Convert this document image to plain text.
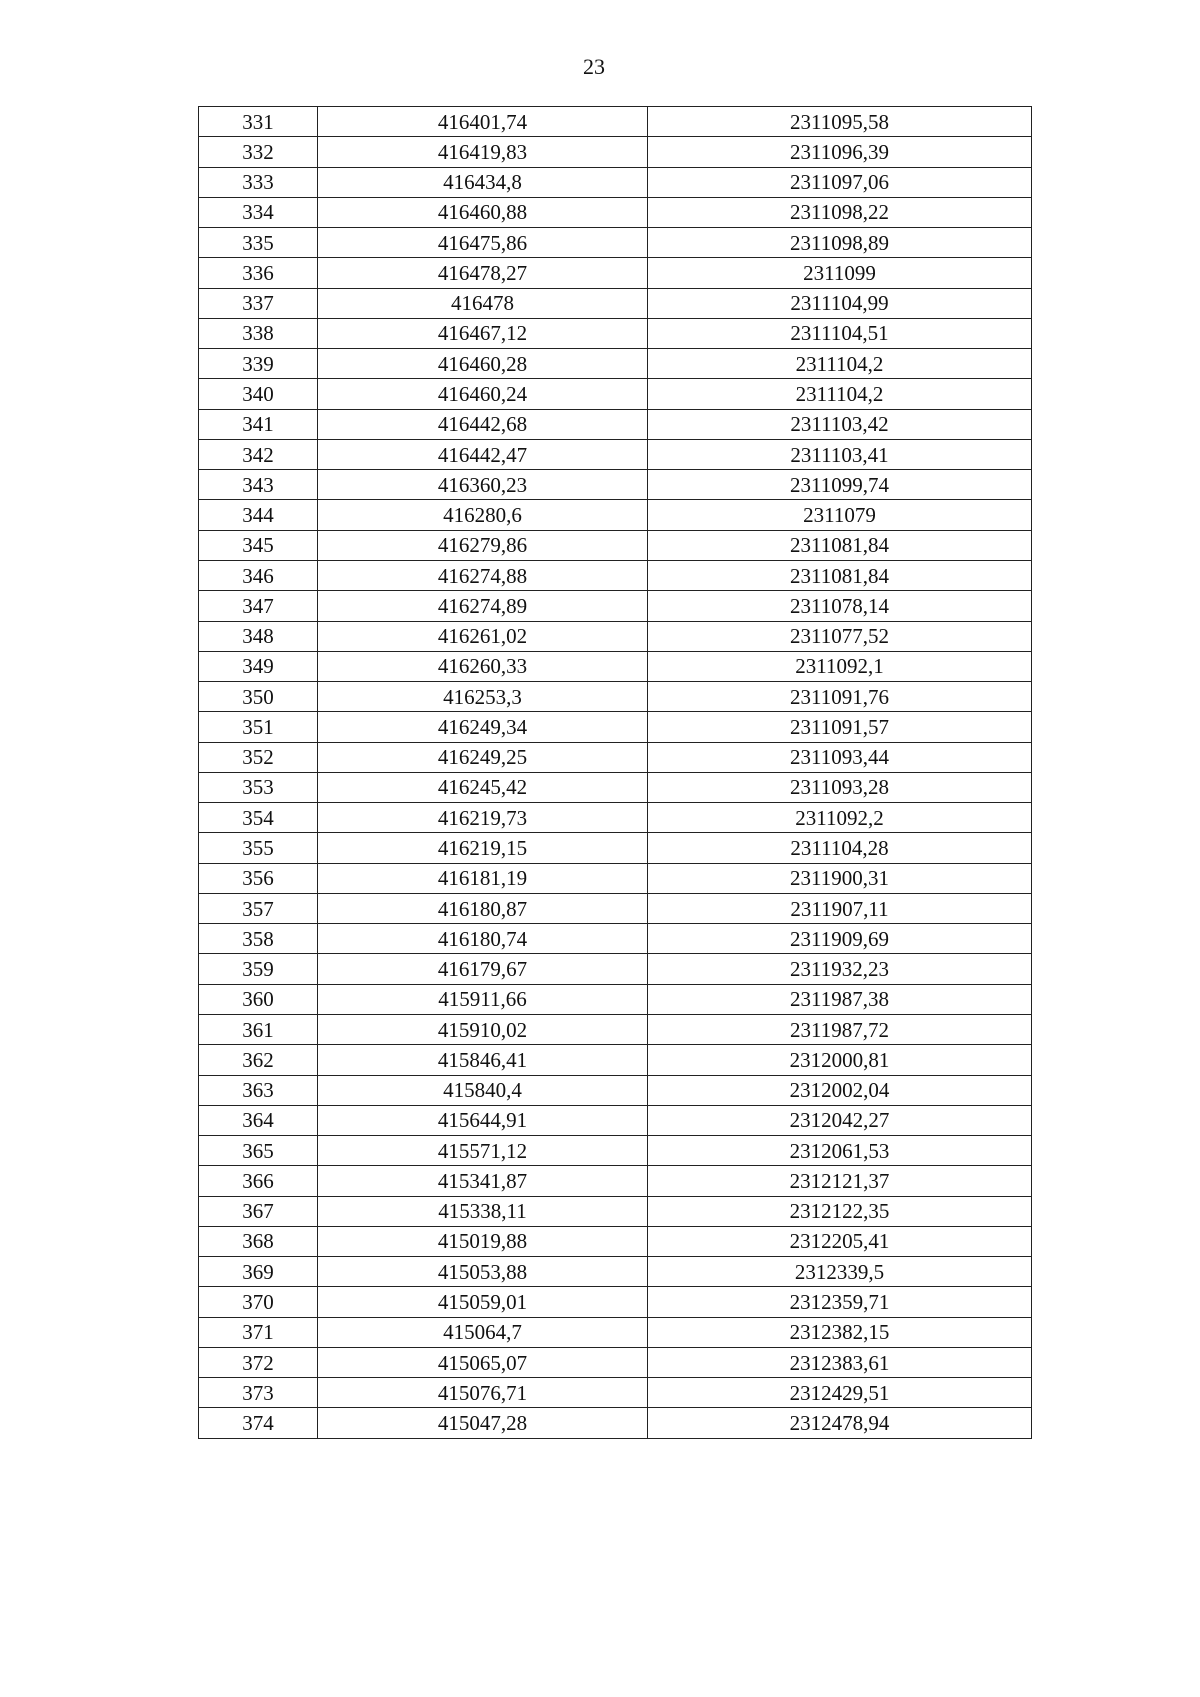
23
331	416401,74	2311095,58
332	416419,83	2311096,39
333	416434,8	2311097,06
334	416460,88	2311098,22
335	416475,86	2311098,89
336	416478,27	2311099
337	416478	2311104,99
338	416467,12	2311104,51
339	416460,28	2311104,2
340	416460,24	2311104,2
341	416442,68	2311103,42
342	416442,47	2311103,41
343	416360,23	2311099,74
344	416280,6	2311079
345	416279,86	2311081,84
346	416274,88	2311081,84
347	416274,89	2311078,14
348	416261,02	2311077,52
349	416260,33	2311092,1
350	416253,3	2311091,76
351	416249,34	2311091,57
352	416249,25	2311093,44
353	416245,42	2311093,28
354	416219,73	2311092,2
355	416219,15	2311104,28
356	416181,19	2311900,31
357	416180,87	2311907,11
358	416180,74	2311909,69
359	416179,67	2311932,23
360	415911,66	2311987,38
361	415910,02	2311987,72
362	415846,41	2312000,81
363	415840,4	2312002,04
364	415644,91	2312042,27
365	415571,12	2312061,53
366	415341,87	2312121,37
367	415338,11	2312122,35
368	415019,88	2312205,41
369	415053,88	2312339,5
370	415059,01	2312359,71
371	415064,7	2312382,15
372	415065,07	2312383,61
373	415076,71	2312429,51
374	415047,28	2312478,94
